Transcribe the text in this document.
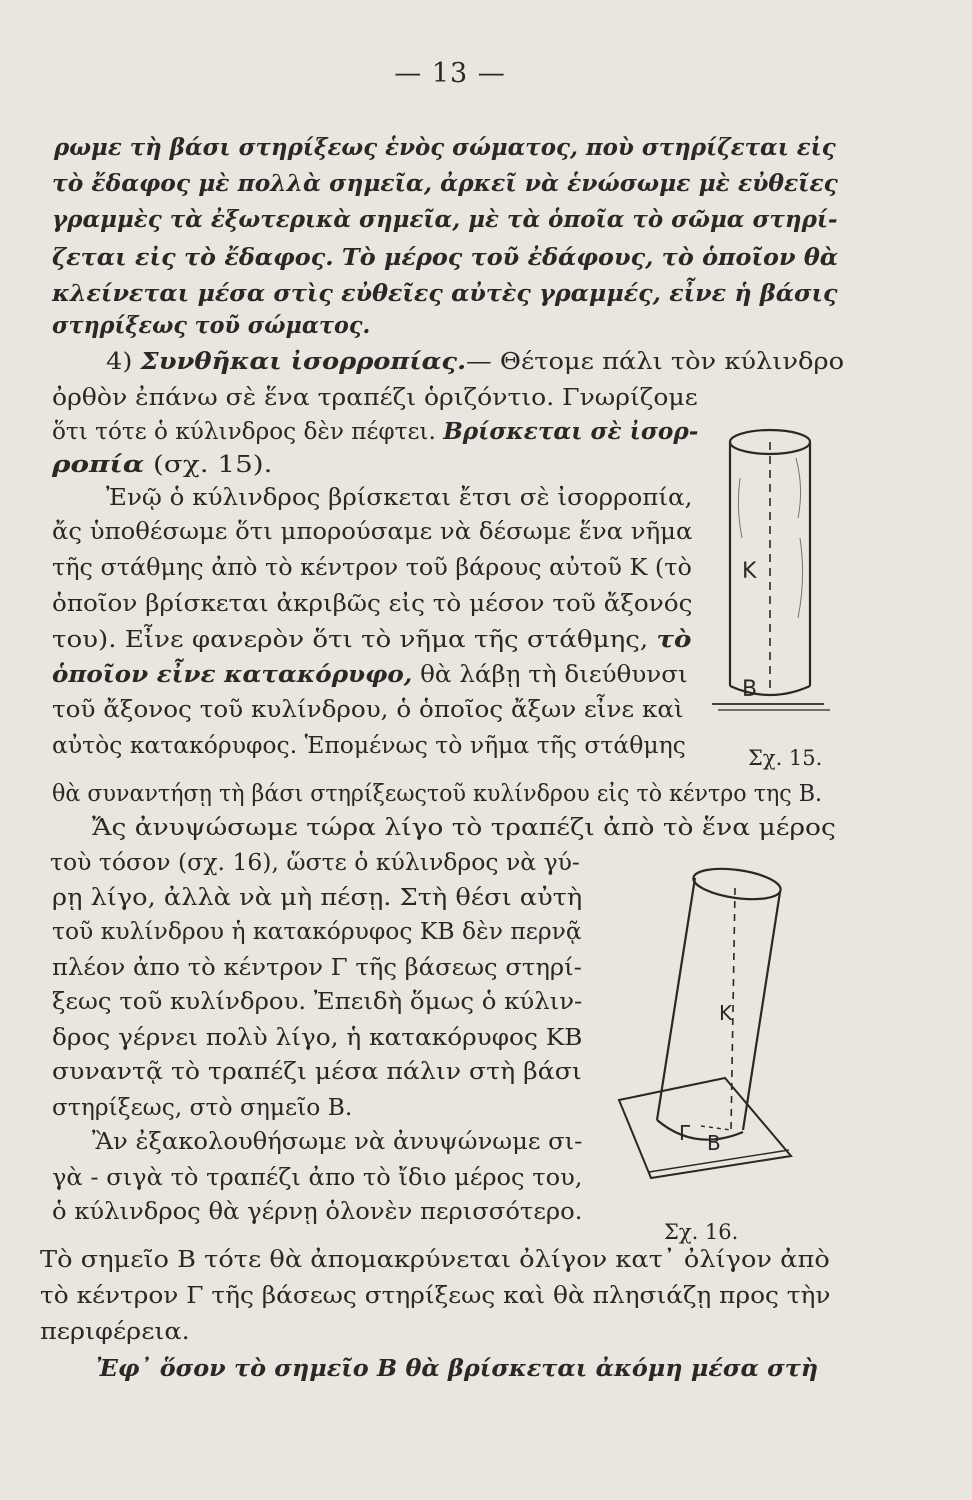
— 13 —
ρωμε τὴ βάσι στηρίξεως ἑνὸς σώματος, ποὺ στηρίζεται εἰς
τὸ ἔδαφος μὲ πολλὰ σημεῖα, ἀρκεῖ νὰ ἑνώσωμε μὲ εὐθεῖες
γραμμὲς τὰ ἐξωτερικὰ σημεῖα, μὲ τὰ ὁποῖα τὸ σῶμα στηρί-
ζεται εἰς τὸ ἔδαφος. Τὸ μέρος τοῦ ἐδάφους, τὸ ὁποῖον θὰ
κλείνεται μέσα στὶς εὐθεῖες αὐτὲς γραμμές, εἶνε ἡ βάσις
στηρίξεως τοῦ σώματος.
4) Συνθῆκαι ἰσορροπίας.— Θέτομε πάλι τὸν κύλινδρο
ὀρθὸν ἐπάνω σὲ ἕνα τραπέζι ὁριζόντιο. Γνωρίζομε
ὅτι τότε ὁ κύλινδρος δὲν πέφτει. Βρίσκεται σὲ ἰσορ-
ροπία (σχ. 15).
Ἐνῷ ὁ κύλινδρος βρίσκεται ἔτσι σὲ ἰσορροπία,
ἄς ὑποθέσωμε ὅτι μπορούσαμε νὰ δέσωμε ἕνα νῆμα
τῆς στάθμης ἀπὸ τὸ κέντρον τοῦ βάρους αὐτοῦ Κ (τὸ
ὁποῖον βρίσκεται ἀκριβῶς εἰς τὸ μέσον τοῦ ἄξονός
του). Εἶνε φανερὸν ὅτι τὸ νῆμα τῆς στάθμης, τὸ
ὁποῖον εἶνε κατακόρυφο, θὰ λάβῃ τὴ διεύθυνσι
τοῦ ἄξονος τοῦ κυλίνδρου, ὁ ὁποῖος ἄξων εἶνε καὶ
αὐτὸς κατακόρυφος. Ἑπομένως τὸ νῆμα τῆς στάθμης
θὰ συναντήσῃ τὴ βάσι στηρίξεωςτοῦ κυλίνδρου εἰς τὸ κέντρο της Β.
Ἄς ἀνυψώσωμε τώρα λίγο τὸ τραπέζι ἀπὸ τὸ ἕνα μέρος
τοὺ τόσον (σχ. 16), ὥστε ὁ κύλινδρος νὰ γύ-
ρῃ λίγο, ἀλλὰ νὰ μὴ πέσῃ. Στὴ θέσι αὐτὴ
τοῦ κυλίνδρου ἡ κατακόρυφος ΚΒ δὲν περνᾷ
πλέον ἀπο τὸ κέντρον Γ τῆς βάσεως στηρί-
ξεως τοῦ κυλίνδρου. Ἐπειδὴ ὅμως ὁ κύλιν-
δρος γέρνει πολὺ λίγο, ἡ κατακόρυφος ΚΒ
συναντᾷ τὸ τραπέζι μέσα πάλιν στὴ βάσι
στηρίξεως, στὸ σημεῖο Β.
Ἂν ἐξακολουθήσωμε νὰ ἀνυψώνωμε σι-
γὰ - σιγὰ τὸ τραπέζι ἀπο τὸ ἴδιο μέρος του,
ὁ κύλινδρος θὰ γέρνῃ ὁλονὲν περισσότερο.
Τὸ σημεῖο Β τότε θὰ ἀπομακρύνεται ὀλίγον κατ᾿ ὀλίγον ἀπὸ
τὸ κέντρον Γ τῆς βάσεως στηρίξεως καὶ θὰ πλησιάζῃ προς τὴν
περιφέρεια.
Ἐφ᾿ ὅσον τὸ σημεῖο Β θὰ βρίσκεται ἀκόμη μέσα στὴ
Κ
Β
Σχ. 15.
Κ
Γ Β
Σχ. 16.
